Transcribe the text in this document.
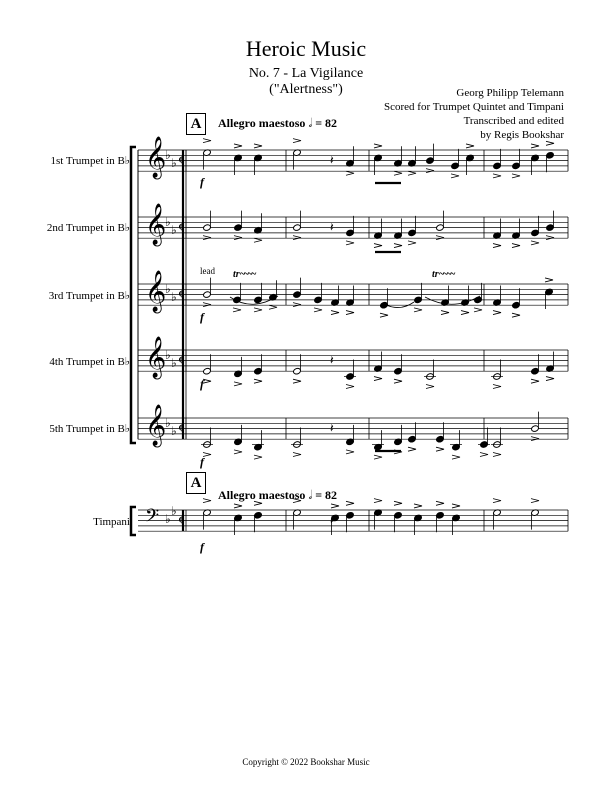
Heroic Music
No. 7 - La Vigilance
("Alertness")	Georg Philipp Telemann
Scored for Trumpet Quintet and Timpani
Transcribed and edited
by Regis Bookshar
A	Allegro maestoso 𝅗𝅥 = 82
A
Allegro maestoso 𝅗𝅥 = 82
1st Trumpet in B♭
2nd Trumpet in B♭
3rd Trumpet in B♭
4th Trumpet in B♭
5th Trumpet in B♭
Timpani
f
f
f
f
f
lead tr~~~~	tr~~~~
Copyright © 2022 Bookshar Music
𝄞
♭
♭ 𝄵
𝄞
♭
♭ 𝄵
𝄞
♭
♭ 𝄵
𝄞
♭
♭ 𝄵
𝄞
♭
♭ 𝄵
𝄢 ♭
♭
𝄵
𝄽
𝄽
𝄽
𝄽
𝄽
